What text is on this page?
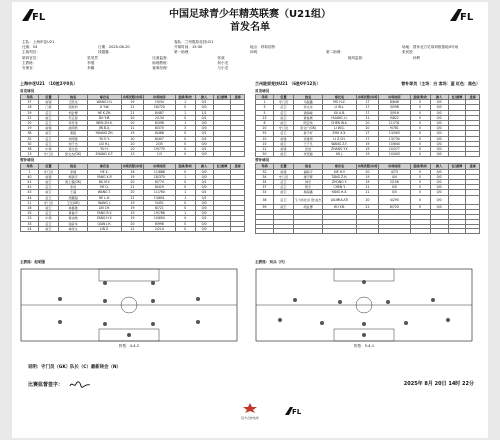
FL	FL
中国足球青少年精英联赛（U21组）
首发名单
主队：上海申花U21	客队：兰州陇原竞技U21
比赛：54	日期：2025-08-20	开球时间：15:30	地点：呼和浩特	场地：国家北方足球训练基地4号场
主裁判员：	钱德鑫	第一助理：	孙明	第二助理：	张民波
第四官员：	张昊然	比赛监督：	张欢	裁判监督：	孙利
主教练：	李德	助理教练：	何小龙
安保官：	李鹏	赛事经理：	与小龙
上海申花U21 （10胜2平0负）
首发球员
号码	位置	姓名	球衣名	出场次数/出场	出场时间	进球/助攻	换人	红/黄牌	进球
37	前锋	王跃龙	WANG H.L	19	19/34	1	0/1		
18	门将	张凯钧	LI Y.W.	21	18/720	0	0/0		
29	后卫	刘会博	HE K.ZH.	21	8/487	1	1/1		
22	前卫	苏正昊	DU Y.M.	20	2/134	0	0/1		
20	后卫	李竹涛	WEN ZH.X.	20	8/398	1	0/0		
19	前锋	赵明君	JIN B.X.	21	8/370	3	0/0		
38	前卫	黄铭	HUANG ZH.	19	8/468	0	0/1		
32	后卫	朱明锋	YU E.Y.	20	8/407	0	0/1		
30	后卫	刘子杰	LIU H.J.	20	2/35	0	0/0		
36	中场	徐文浩	YU H.	20	19/770	0	0/1		
13	守门员	徐文杰(GK)	ZHANG X.T.	13	1/3	0	0/0		
替补球员
号码	位置	姓名	球衣名	出场次数/出场	出场时间	进球/助攻	换人	红/黄牌	进球
1	守门员	李晨	HE X.	16	11/888	0	0/0		
40	前锋	杨锦宇	YANG X.P.	19	18/370	1	0/0		
41	前卫	周士强(GK)	BU M.Y.	20	6/774	0	0/1		
42	后卫	李虎	HE Q.	21	8/429	0	0/0		
43	前卫	王超	WANG T.	20	11/760	1	0/1		
44	后卫	吴鹏超	HE L.H.	21	13/601	1	0/1		
21	守门员	王尧(GK)	WANG J.	19	5/451	0	0/0		
26	前卫	林嘉驰	LIN CH.	19	8/721	0	0/0		
25	后卫	黄俊宇	FANG R.Y.	19	19/788	1	0/0		
23	中场	蒋永皓	FANG H.Y.	19	10/654	4	0/1		
33	后卫	钱家华	QIAN J.H.	20	6/998	0	0/0		
24	前卫	林泽文	LIN Z.	21	2/214	0	0/0		
兰州陇原竞技U21 （6胜0平12负）	替补球员（主场：白 客场：蓝 红色：黑色）
首发球员
号码	位置	姓名	球衣名	出场次数/出场	出场时间	进球/助攻	换人	红/黄牌	进球
1	守门员	马振鑫	MO H.Z.	17	8/648	0	0/0		
3	后卫	李文龙	LI W.L.	17	3/598	0	0/0		
5	后卫	徐海峰	XU A.B.	17	3/916	0	0/0		
23	前卫	黄俊晟	HUANG J.I.	21	9/822	0	0/0		
8	前卫	陈安玮	CHEN W.X.	20	11/731	0	0/0		
20	守门员	李文广(GK)	LI W.G.	20	9/781	0	0/0		
55	后卫	詹子轩	ZHU X.X.	17	13/563	0	0/0		
10	前锋	李建男	LI Z.CH.	17	13/734	0	0/0		
15	前卫	王子凡	WANG Z.F.	19	10/644	0	0/0		
12	前锋	张怡	ZHANG Y.Y.	19	10/377	0	0/0		
50	前卫	朱坚瑞	XU J.	19	10/443	0	0/0		
替补球员
号码	位置	姓名	球衣名	出场次数/出场	出场时间	进球/助攻	换人	红/黄牌	进球
32	前锋	谢海宇	XIE H.Y.	20	4/73	0	0/0		
34	守门员	唐宇辉	TANG Z.H.	19	4/4	0	0/0		
35	后卫	钟宇	ZHONG Y.	19	2/156	0	0/0		
37	后卫	陈宇	CHEN Y.	21	0/0	0	0/0		
33	前卫	杨海鑫	YANG H.X.	21	0/0	0	0/0		
38	后卫	艾力肯吐尔 逊·赵杰	AILIMULATI	20	4/290	0	0/0		
39	前卫	胡亚博	HU Y.B.	21	8/720	0	0/0		

主教练：赵明强	主教练：刘兵（代）
阵型：4-4-2	阵型：5-4-1
说明：守门员（GK）队长（C）最新转会（N）
比赛监督签字：	2025年 8月 20日 14时 22分
官方合作伙伴
FL
